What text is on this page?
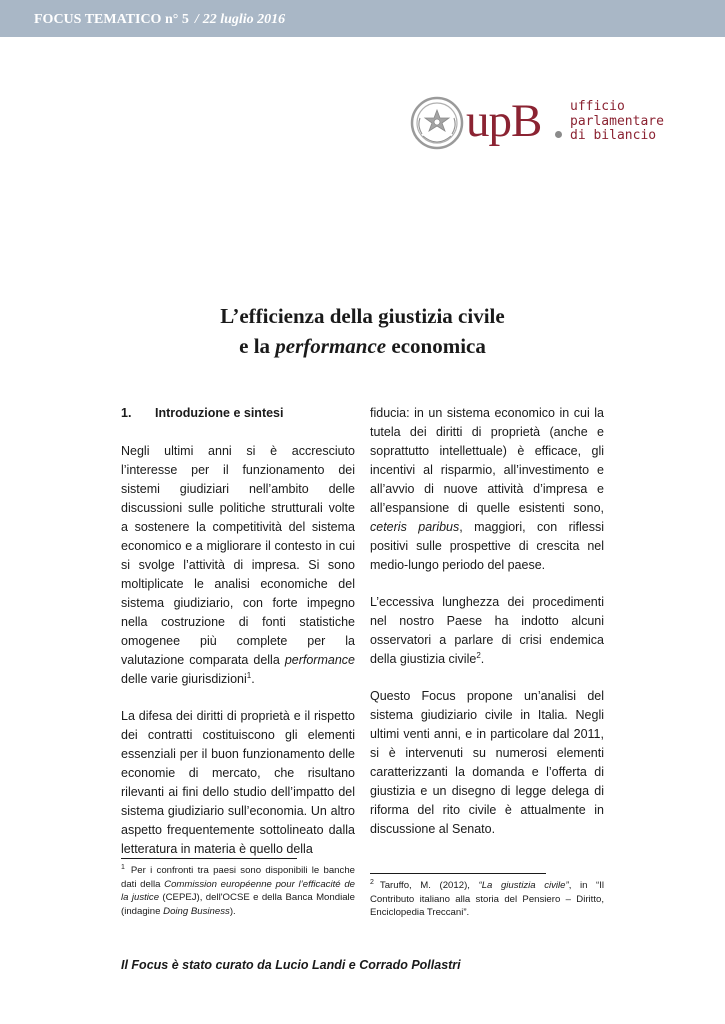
FOCUS TEMATICO n° 5 / 22 luglio 2016
upB ufficio
parlamentare
di bilancio
L’efficienza della giustizia civile
e la performance economica

1. Introduzione e sintesi

Negli ultimi anni si è accresciuto l’interesse per il funzionamento dei sistemi giudiziari nell’ambito delle discussioni sulle politiche strutturali volte a sostenere la competitività del sistema economico e a migliorare il contesto in cui si svolge l’attività di impresa. Si sono moltiplicate le analisi economiche del sistema giudiziario, con forte impegno nella costruzione di fonti statistiche omogenee più complete per la valutazione comparata della performance delle varie giurisdizioni$^1$.

La difesa dei diritti di proprietà e il rispetto dei contratti costituiscono gli elementi essenziali per il buon funzionamento delle economie di mercato, che risultano rilevanti ai fini dello studio dell’impatto del sistema giudiziario sull’economia. Un altro aspetto frequentemente sottolineato dalla letteratura in materia è quello della

fiducia: in un sistema economico in cui la tutela dei diritti di proprietà (anche e soprattutto intellettuale) è efficace, gli incentivi al risparmio, all’investimento e all’avvio di nuove attività d’impresa e all’espansione di quelle esistenti sono, ceteris paribus, maggiori, con riflessi positivi sulle prospettive di crescita nel medio-lungo periodo del paese.

L’eccessiva lunghezza dei procedimenti nel nostro Paese ha indotto alcuni osservatori a parlare di crisi endemica della giustizia civile$^2$.

Questo Focus propone un’analisi del sistema giudiziario civile in Italia. Negli ultimi venti anni, e in particolare dal 2011, si è intervenuti su numerosi elementi caratterizzanti la domanda e l’offerta di giustizia e un disegno di legge delega di riforma del rito civile è attualmente in discussione al Senato.

$^1$ Per i confronti tra paesi sono disponibili le banche dati della Commission européenne pour l’efficacité de la justice (CEPEJ), dell'OCSE e della Banca Mondiale (indagine Doing Business).
$^2$ Taruffo, M. (2012), “La giustizia civile”, in “Il Contributo italiano alla storia del Pensiero – Diritto, Enciclopedia Treccani”.
Il Focus è stato curato da Lucio Landi e Corrado Pollastri
